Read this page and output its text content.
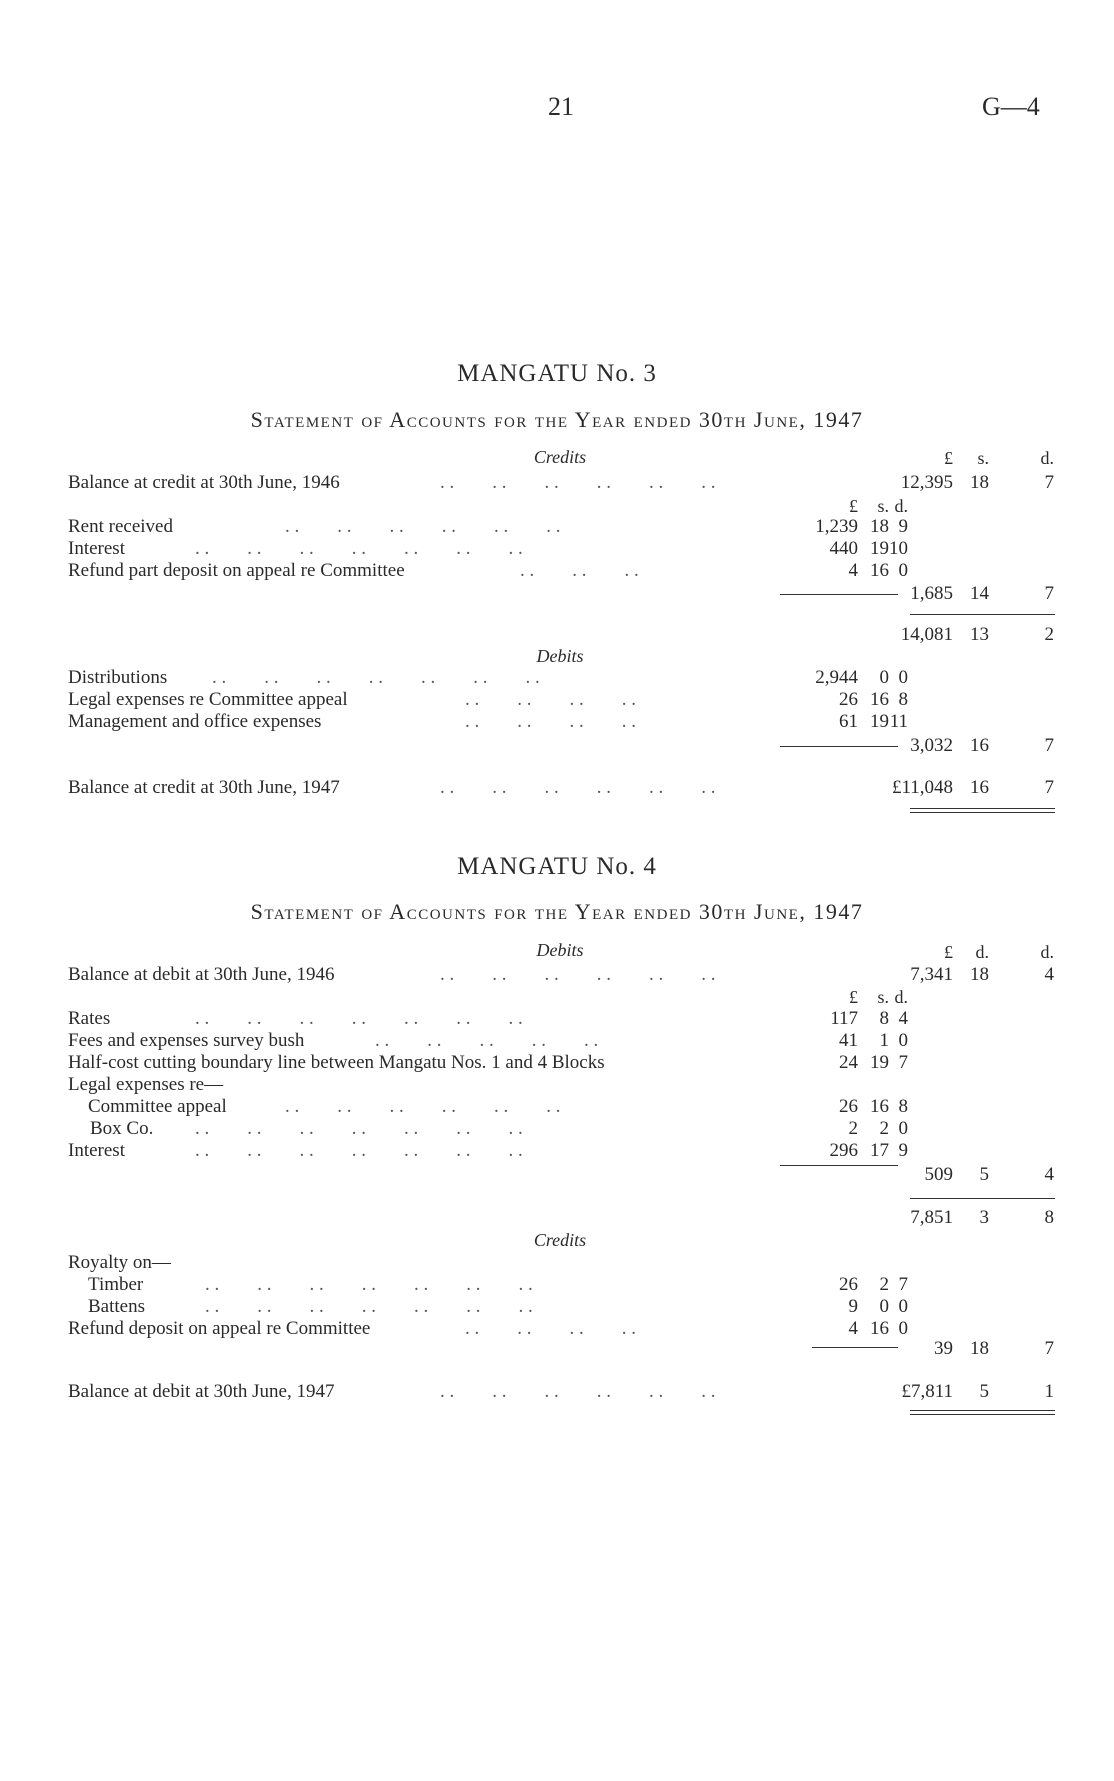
21	G—4
MANGATU No. 3
Statement of Accounts for the Year ended 30th June, 1947
Credits	£ s.	d.
Balance at credit at 30th June, 1946	. .        . .        . .        . .        . .        . .	12,395 18	7
£ s. d.
Rent received	. .        . .        . .        . .        . .        . .	1,239 18 9
Interest	. .        . .        . .        . .        . .        . .        . .	440 19 10
Refund part deposit on appeal re Committee	. .        . .        . .	4 16 0
1,685 14	7
14,081 13	2
Debits
Distributions . .        . .        . .        . .        . .        . .        . .	2,944 0 0
Legal expenses re Committee appeal	. .        . .        . .        . .	26 16 8
Management and office expenses	. .        . .        . .        . .	61 19 11
3,032 16	7
Balance at credit at 30th June, 1947	. .        . .        . .        . .        . .        . .	£11,048 16	7
MANGATU No. 4
Statement of Accounts for the Year ended 30th June, 1947
Debits	£ d.	d.
Balance at debit at 30th June, 1946	. .        . .        . .        . .        . .        . .	7,341 18	4
£ s. d.
Rates	. .        . .        . .        . .        . .        . .        . .	117 8 4
Fees and expenses survey bush	. .        . .        . .        . .        . .	41 1 0
Half-cost cutting boundary line between Mangatu Nos. 1 and 4 Blocks	24 19 7
Legal expenses re—
Committee appeal	. .        . .        . .        . .        . .        . .	26 16 8
Box Co. . .        . .        . .        . .        . .        . .        . .	2 2 0
Interest	. .        . .        . .        . .        . .        . .        . .	296 17 9
509 5	4
7,851 3	8
Credits
Royalty on—
Timber	. .        . .        . .        . .        . .        . .        . .	26 2 7
Battens	. .        . .        . .        . .        . .        . .        . .	9 0 0
Refund deposit on appeal re Committee	. .        . .        . .        . .	4 16 0
39 18	7
Balance at debit at 30th June, 1947	. .        . .        . .        . .        . .        . .	£7,811 5	1
